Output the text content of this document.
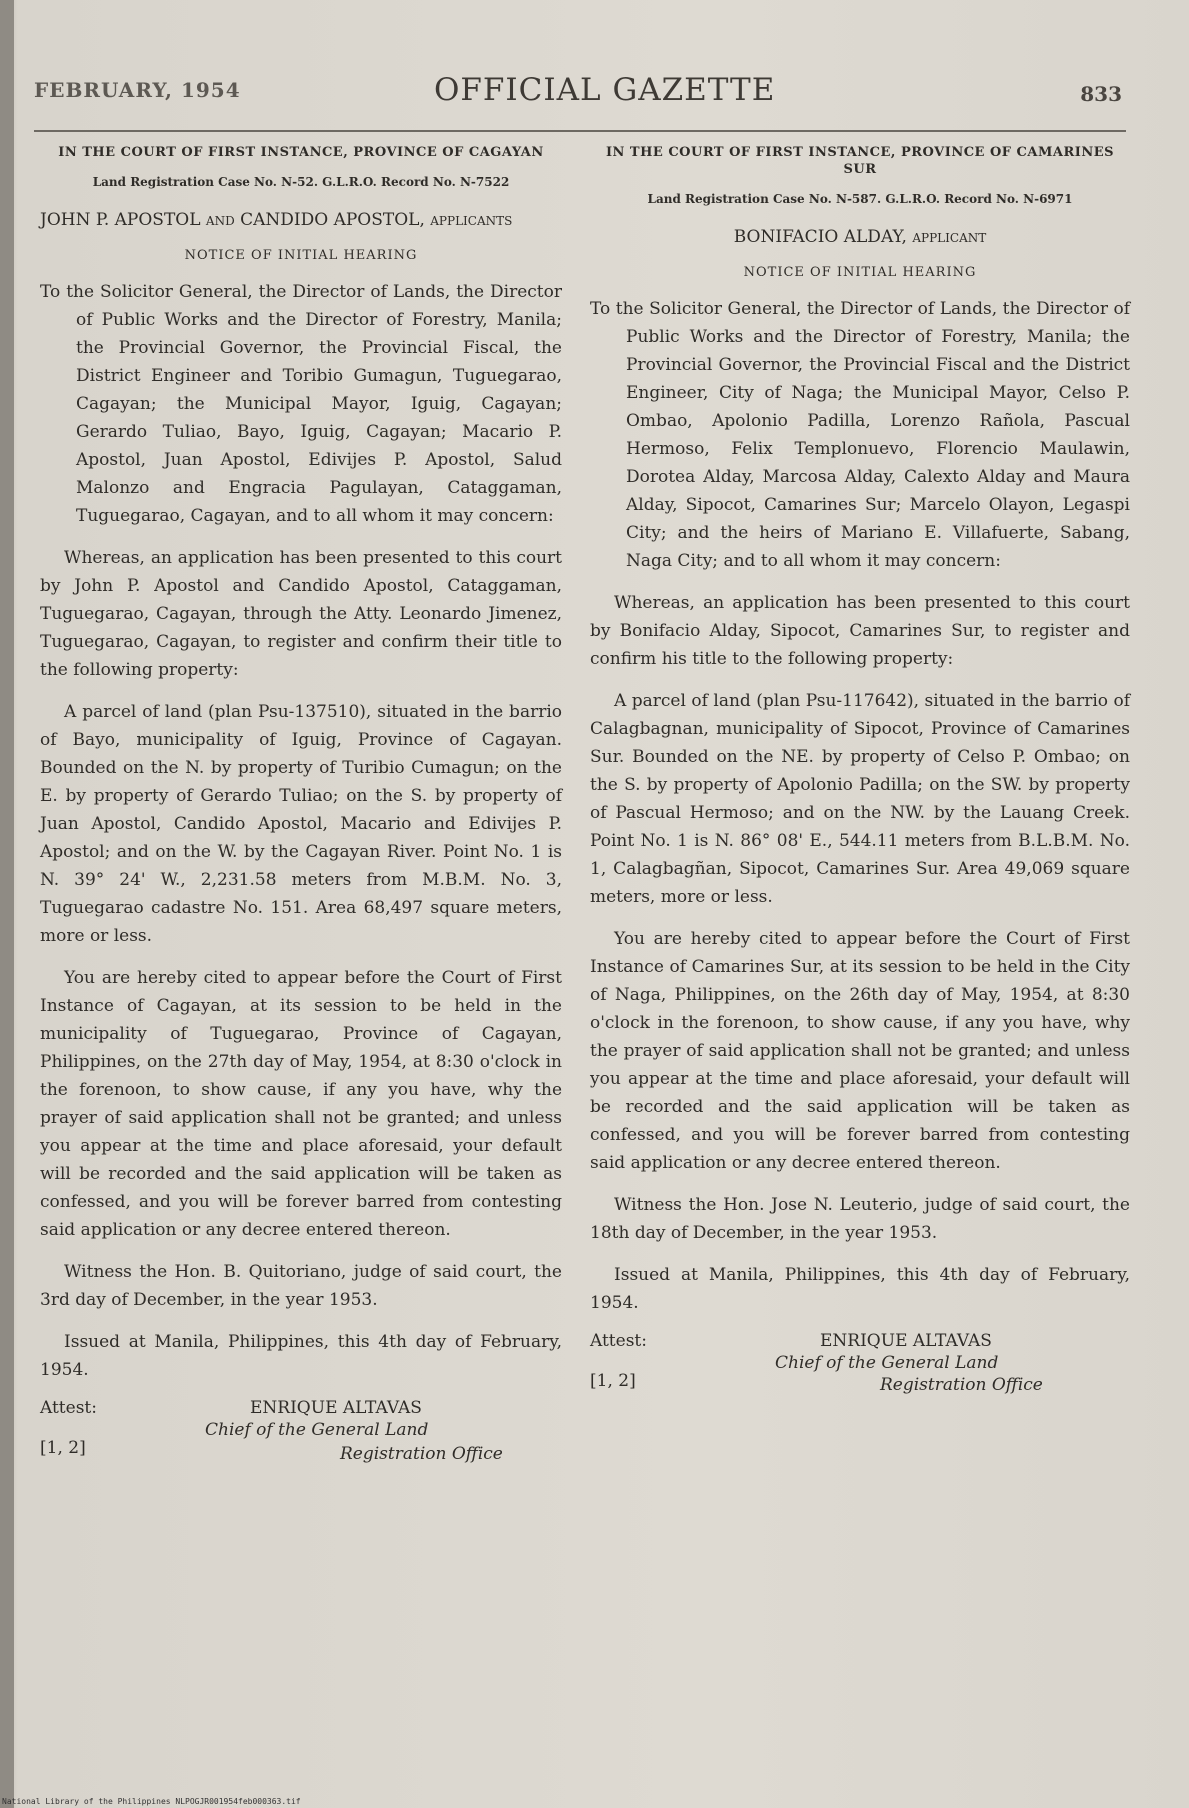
FEBRUARY, 1954	OFFICIAL GAZETTE	833
IN THE COURT OF FIRST INSTANCE, PROVINCE OF CAGAYAN
Land Registration Case No. N-52. G.L.R.O. Record No. N-7522
JOHN P. APOSTOL and CANDIDO APOSTOL, applicants
NOTICE OF INITIAL HEARING
To the Solicitor General, the Director of Lands, the Director of Public Works and the Director of Forestry, Manila; the Provincial Governor, the Provincial Fiscal, the District Engineer and Toribio Gumagun, Tuguegarao, Cagayan; the Municipal Mayor, Iguig, Cagayan; Gerardo Tuliao, Bayo, Iguig, Cagayan; Macario P. Apostol, Juan Apostol, Edivijes P. Apostol, Salud Malonzo and Engracia Pagulayan, Cataggaman, Tuguegarao, Cagayan, and to all whom it may concern:

Whereas, an application has been presented to this court by John P. Apostol and Candido Apostol, Cataggaman, Tuguegarao, Cagayan, through the Atty. Leonardo Jimenez, Tuguegarao, Cagayan, to register and confirm their title to the following property:

A parcel of land (plan Psu-137510), situated in the barrio of Bayo, municipality of Iguig, Province of Cagayan. Bounded on the N. by property of Turibio Cumagun; on the E. by property of Gerardo Tuliao; on the S. by property of Juan Apostol, Candido Apostol, Macario and Edivijes P. Apostol; and on the W. by the Cagayan River. Point No. 1 is N. 39° 24' W., 2,231.58 meters from M.B.M. No. 3, Tuguegarao cadastre No. 151. Area 68,497 square meters, more or less.

You are hereby cited to appear before the Court of First Instance of Cagayan, at its session to be held in the municipality of Tuguegarao, Province of Cagayan, Philippines, on the 27th day of May, 1954, at 8:30 o'clock in the forenoon, to show cause, if any you have, why the prayer of said application shall not be granted; and unless you appear at the time and place aforesaid, your default will be recorded and the said application will be taken as confessed, and you will be forever barred from contesting said application or any decree entered thereon.

Witness the Hon. B. Quitoriano, judge of said court, the 3rd day of December, in the year 1953.

Issued at Manila, Philippines, this 4th day of February, 1954.

Attest:
[1, 2]
ENRIQUE ALTAVAS
Chief of the General Land
Registration Office
IN THE COURT OF FIRST INSTANCE, PROVINCE OF CAMARINES SUR
Land Registration Case No. N-587. G.L.R.O. Record No. N-6971
BONIFACIO ALDAY, applicant
NOTICE OF INITIAL HEARING
To the Solicitor General, the Director of Lands, the Director of Public Works and the Director of Forestry, Manila; the Provincial Governor, the Provincial Fiscal and the District Engineer, City of Naga; the Municipal Mayor, Celso P. Ombao, Apolonio Padilla, Lorenzo Rañola, Pascual Hermoso, Felix Templonuevo, Florencio Maulawin, Dorotea Alday, Marcosa Alday, Calexto Alday and Maura Alday, Sipocot, Camarines Sur; Marcelo Olayon, Legaspi City; and the heirs of Mariano E. Villafuerte, Sabang, Naga City; and to all whom it may concern:

Whereas, an application has been presented to this court by Bonifacio Alday, Sipocot, Camarines Sur, to register and confirm his title to the following property:

A parcel of land (plan Psu-117642), situated in the barrio of Calagbagnan, municipality of Sipocot, Province of Camarines Sur. Bounded on the NE. by property of Celso P. Ombao; on the S. by property of Apolonio Padilla; on the SW. by property of Pascual Hermoso; and on the NW. by the Lauang Creek. Point No. 1 is N. 86° 08' E., 544.11 meters from B.L.B.M. No. 1, Calagbagñan, Sipocot, Camarines Sur. Area 49,069 square meters, more or less.

You are hereby cited to appear before the Court of First Instance of Camarines Sur, at its session to be held in the City of Naga, Philippines, on the 26th day of May, 1954, at 8:30 o'clock in the forenoon, to show cause, if any you have, why the prayer of said application shall not be granted; and unless you appear at the time and place aforesaid, your default will be recorded and the said application will be taken as confessed, and you will be forever barred from contesting said application or any decree entered thereon.

Witness the Hon. Jose N. Leuterio, judge of said court, the 18th day of December, in the year 1953.

Issued at Manila, Philippines, this 4th day of February, 1954.

Attest:
[1, 2]
ENRIQUE ALTAVAS
Chief of the General Land
Registration Office
National Library of the Philippines NLPOGJR001954feb000363.tif
